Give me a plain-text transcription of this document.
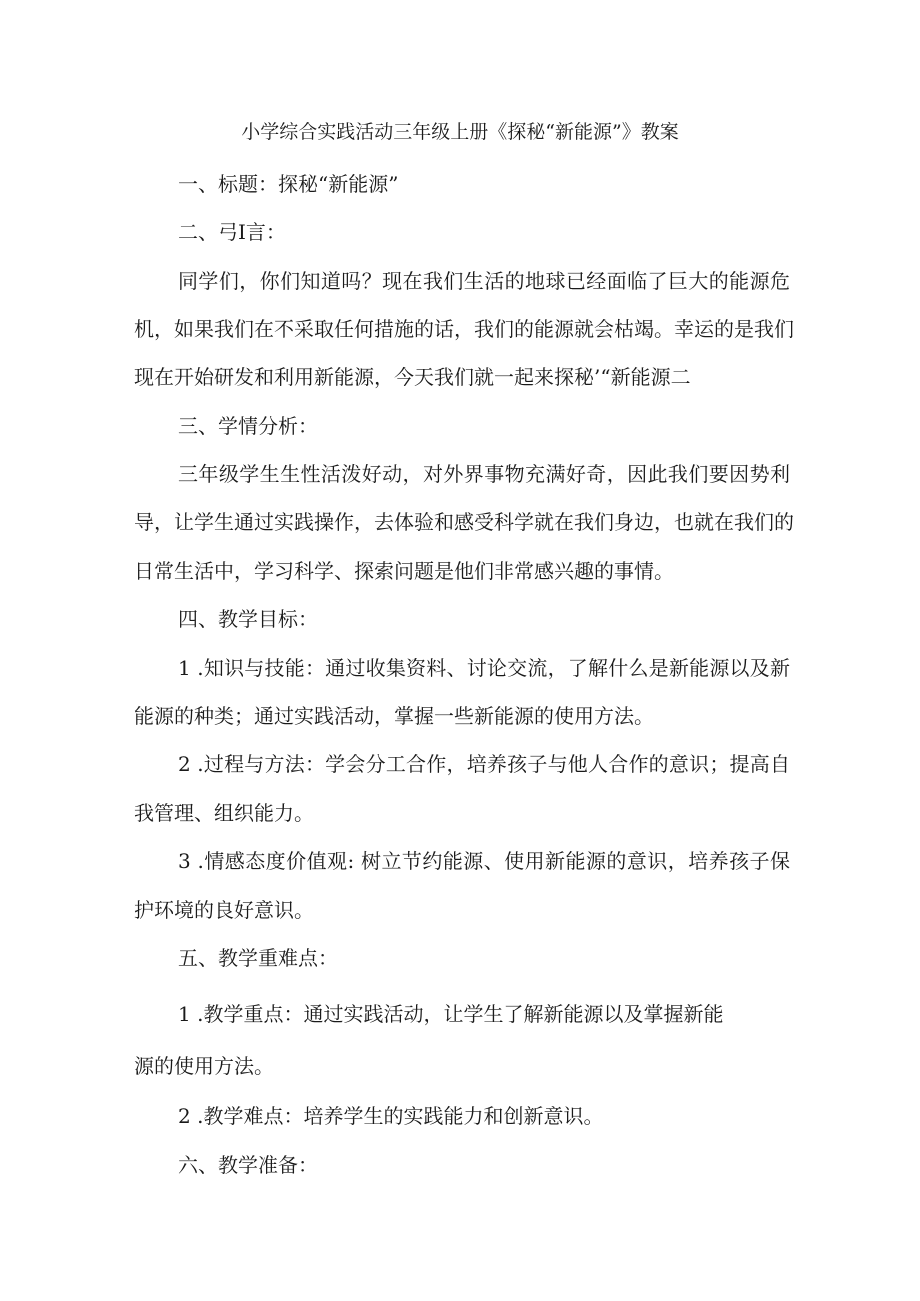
小学综合实践活动三年级上册《探秘“新能源”》教案
一、标题：探秘“新能源”
二、弓I言：
同学们，你们知道吗？现在我们生活的地球已经面临了巨大的能源危
机，如果我们在不采取任何措施的话，我们的能源就会枯竭。幸运的是我们
现在开始研发和利用新能源，今天我们就一起来探秘’“新能源二
三、学情分析：
三年级学生生性活泼好动，对外界事物充满好奇，因此我们要因势利
导，让学生通过实践操作，去体验和感受科学就在我们身边，也就在我们的
日常生活中，学习科学、探索问题是他们非常感兴趣的事情。
四、教学目标：
1 .知识与技能：通过收集资料、讨论交流，了解什么是新能源以及新
能源的种类；通过实践活动，掌握一些新能源的使用方法。
2 .过程与方法：学会分工合作，培养孩子与他人合作的意识；提高自
我管理、组织能力。
3 .情感态度价值观: 树立节约能源、使用新能源的意识，培养孩子保
护环境的良好意识。
五、教学重难点：
1 .教学重点：通过实践活动，让学生了解新能源以及掌握新能
源的使用方法。
2 .教学难点：培养学生的实践能力和创新意识。
六、教学准备：
